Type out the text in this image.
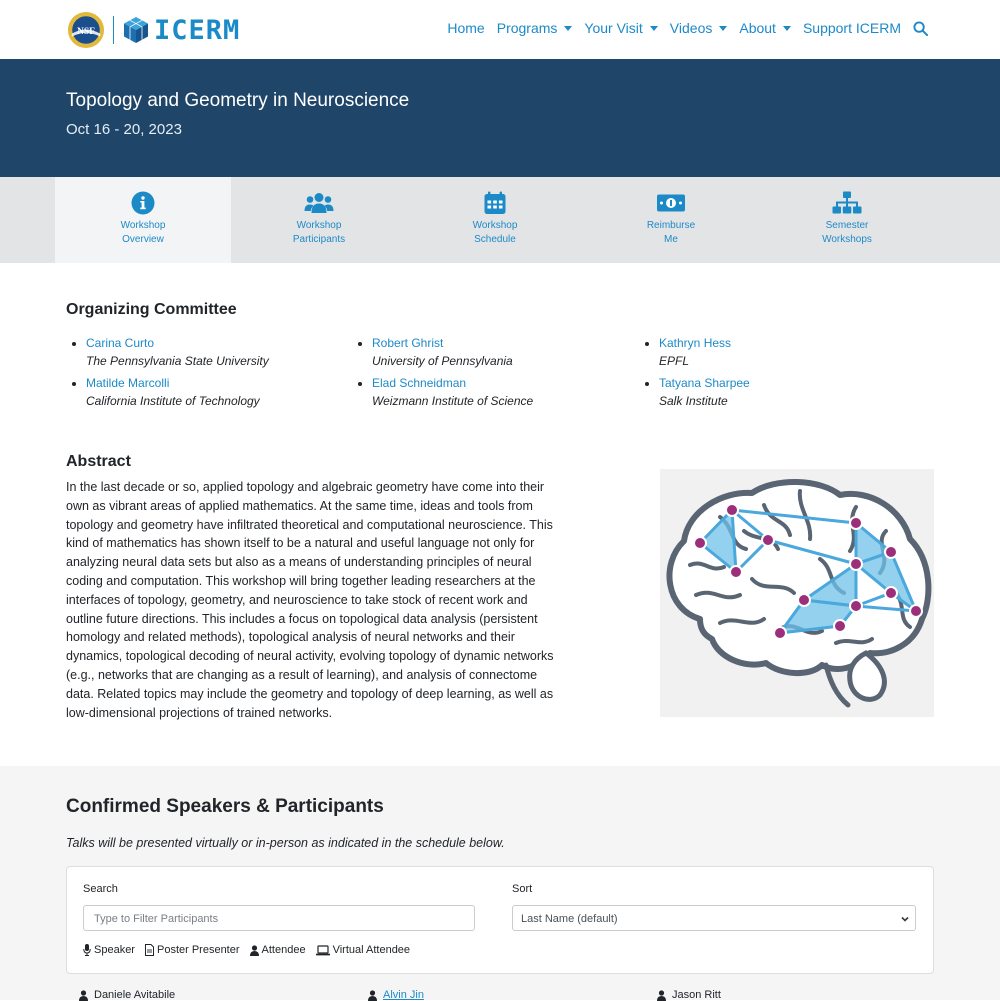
NSF ICERM	Home Programs Your Visit Videos About Support ICERM
Topology and Geometry in Neuroscience
Oct 16 - 20, 2023
Workshop
Overview
Workshop
Participants
Workshop
Schedule
Reimburse
Me
Semester
Workshops
Organizing Committee
Carina Curto
The Pennsylvania State University
Robert Ghrist
University of Pennsylvania
Kathryn Hess
EPFL
Matilde Marcolli
California Institute of Technology
Elad Schneidman
Weizmann Institute of Science
Tatyana Sharpee
Salk Institute
Abstract

In the last decade or so, applied topology and algebraic geometry have come into their own as vibrant areas of applied mathematics. At the same time, ideas and tools from topology and geometry have infiltrated theoretical and computational neuroscience. This kind of mathematics has shown itself to be a natural and useful language not only for analyzing neural data sets but also as a means of understanding principles of neural coding and computation. This workshop will bring together leading researchers at the interfaces of topology, geometry, and neuroscience to take stock of recent work and outline future directions. This includes a focus on topological data analysis (persistent homology and related methods), topological analysis of neural networks and their dynamics, topological decoding of neural activity, evolving topology of dynamic networks (e.g., networks that are changing as a result of learning), and analysis of connectome data. Related topics may include the geometry and topology of deep learning, as well as low-dimensional projections of trained networks.

Confirmed Speakers & Participants
Talks will be presented virtually or in-person as indicated in the schedule below.
Search
Type to Filter Participants
Sort
Last Name (default)
Speaker Poster Presenter Attendee Virtual Attendee
Daniele Avitabile	Alvin Jin	Jason Ritt
